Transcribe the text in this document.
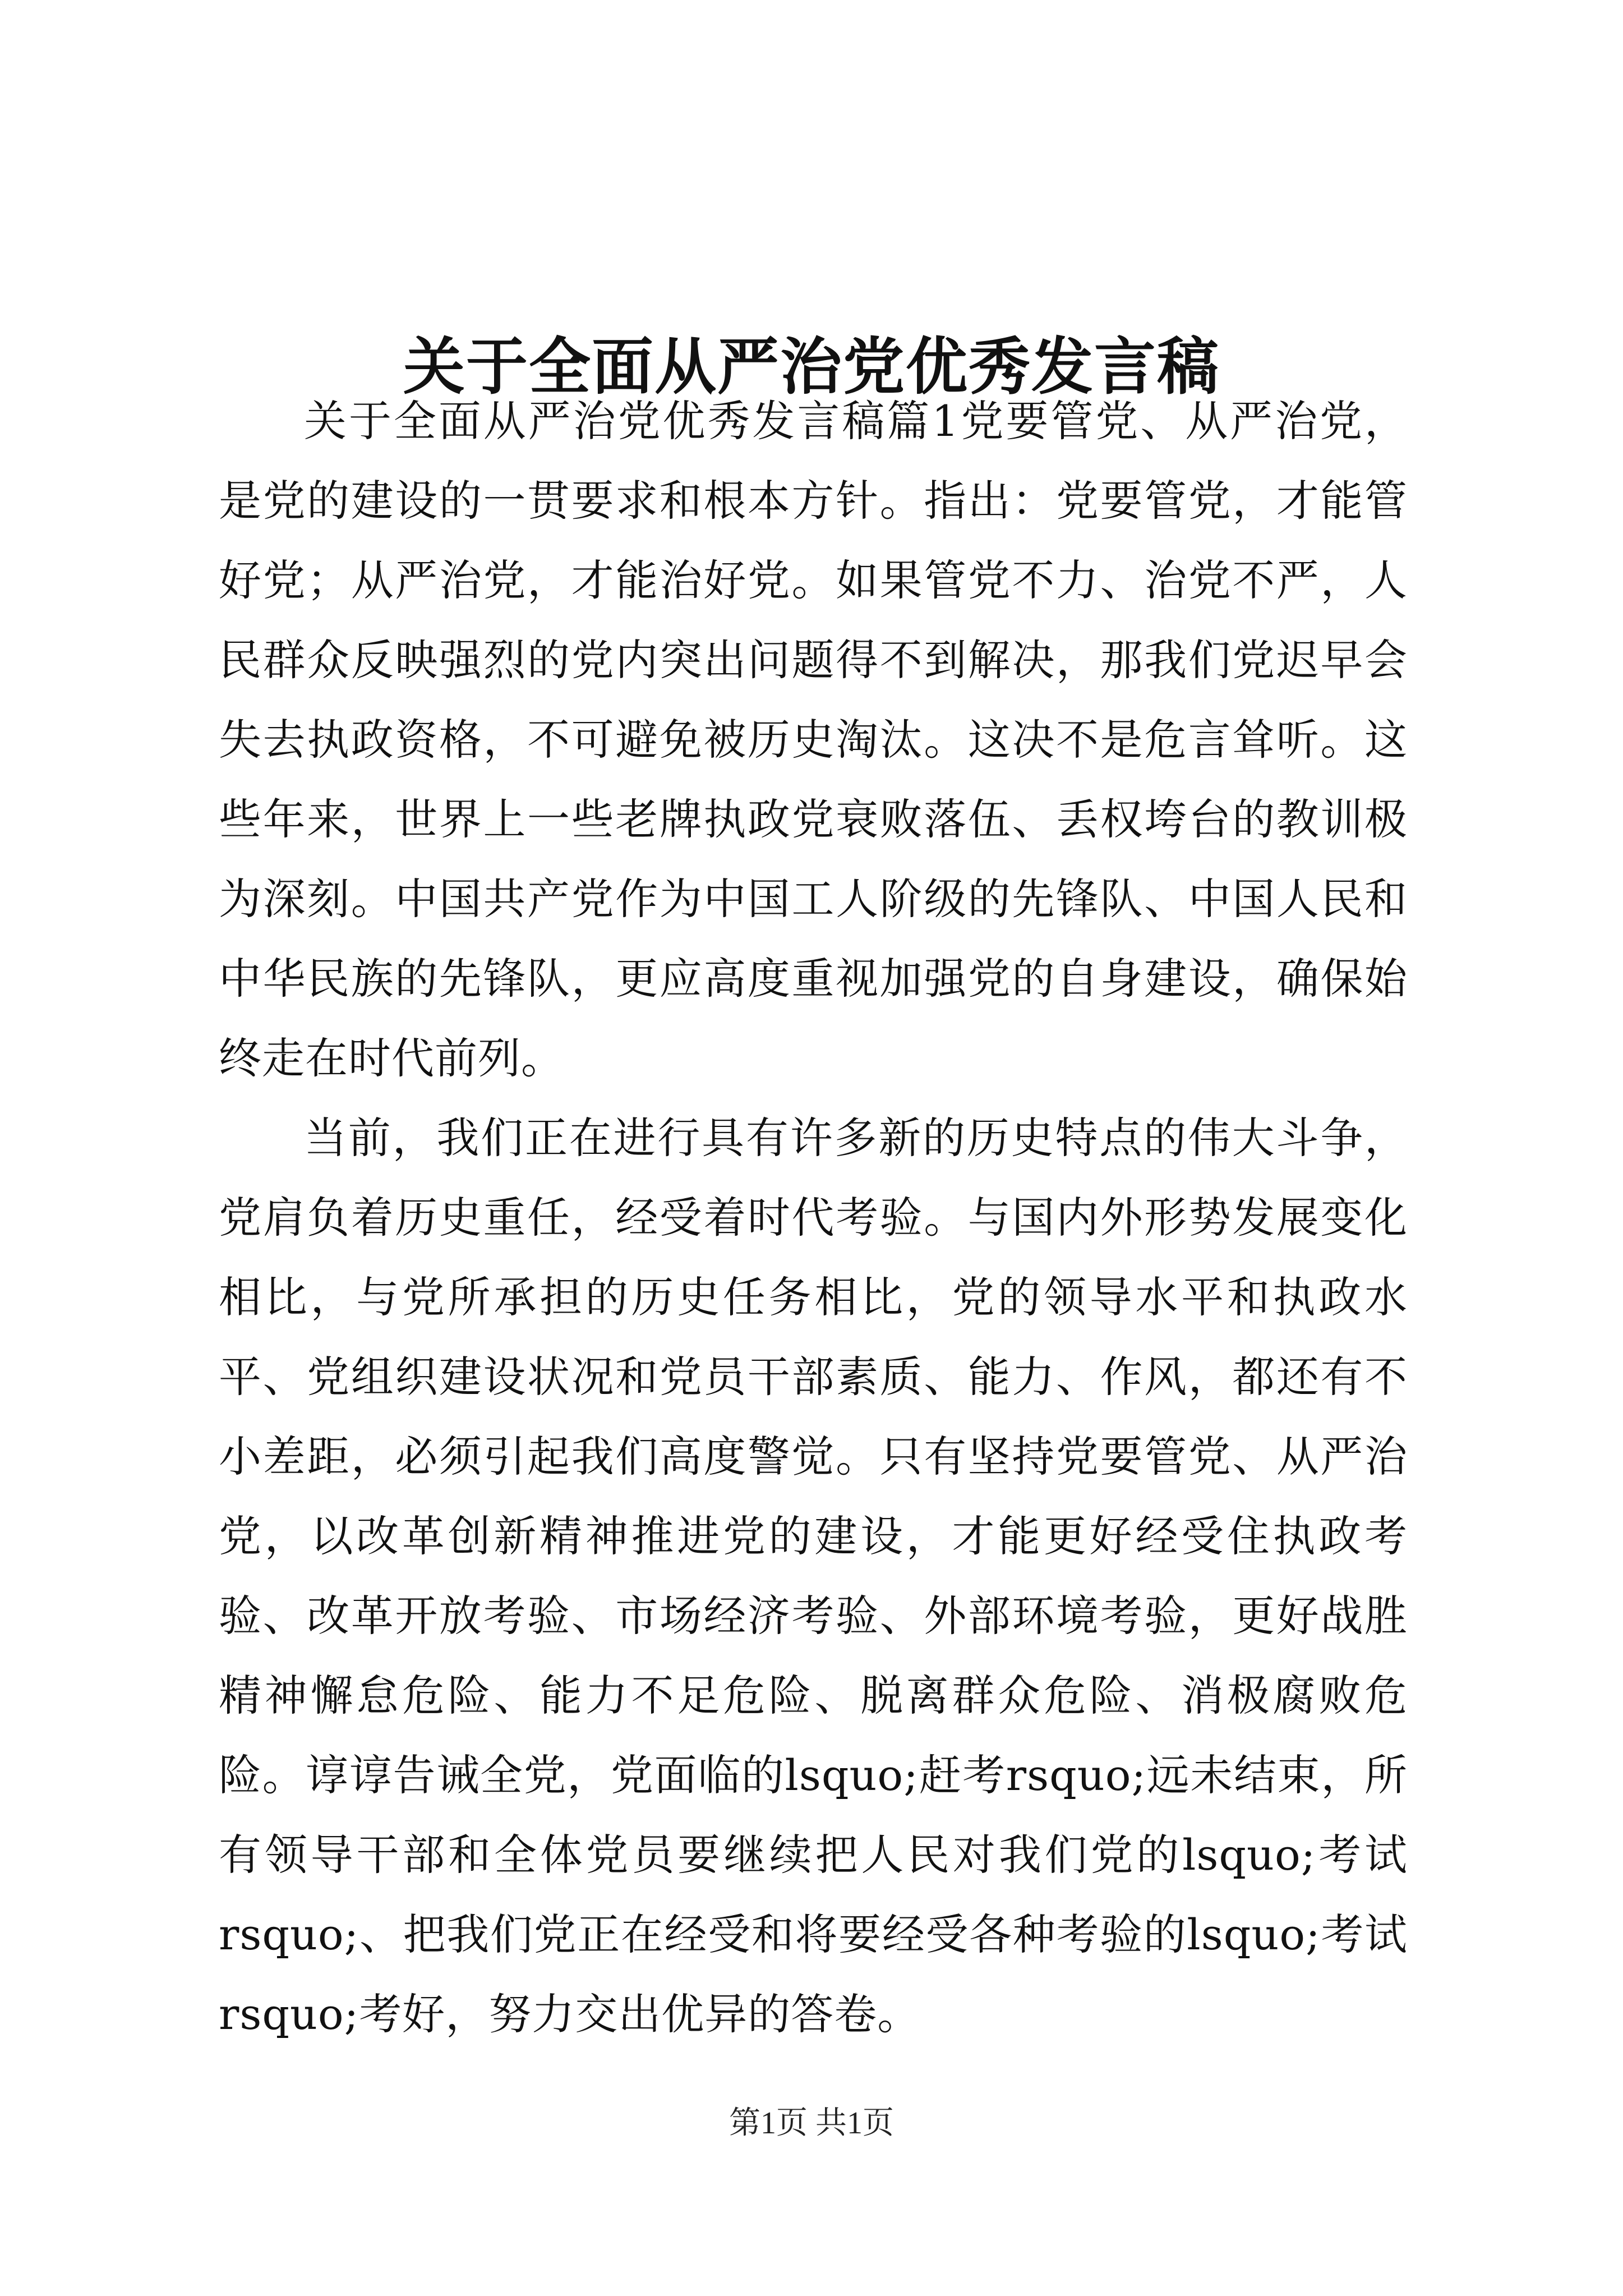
关于全面从严治党优秀发言稿

关于全面从严治党优秀发言稿篇1党要管党、从严治党，是党的建设的一贯要求和根本方针。指出：党要管党，才能管好党；从严治党，才能治好党。如果管党不力、治党不严，人民群众反映强烈的党内突出问题得不到解决，那我们党迟早会失去执政资格，不可避免被历史淘汰。这决不是危言耸听。这些年来，世界上一些老牌执政党衰败落伍、丢权垮台的教训极为深刻。中国共产党作为中国工人阶级的先锋队、中国人民和中华民族的先锋队，更应高度重视加强党的自身建设，确保始终走在时代前列。

当前，我们正在进行具有许多新的历史特点的伟大斗争，党肩负着历史重任，经受着时代考验。与国内外形势发展变化相比，与党所承担的历史任务相比，党的领导水平和执政水平、党组织建设状况和党员干部素质、能力、作风，都还有不小差距，必须引起我们高度警觉。只有坚持党要管党、从严治党，以改革创新精神推进党的建设，才能更好经受住执政考验、改革开放考验、市场经济考验、外部环境考验，更好战胜精神懈怠危险、能力不足危险、脱离群众危险、消极腐败危险。谆谆告诫全党，党面临的lsquo;赶考rsquo;远未结束，所有领导干部和全体党员要继续把人民对我们党的lsquo;考试rsquo;、把我们党正在经受和将要经受各种考验的lsquo;考试rsquo;考好，努力交出优异的答卷。

第1页 共1页
